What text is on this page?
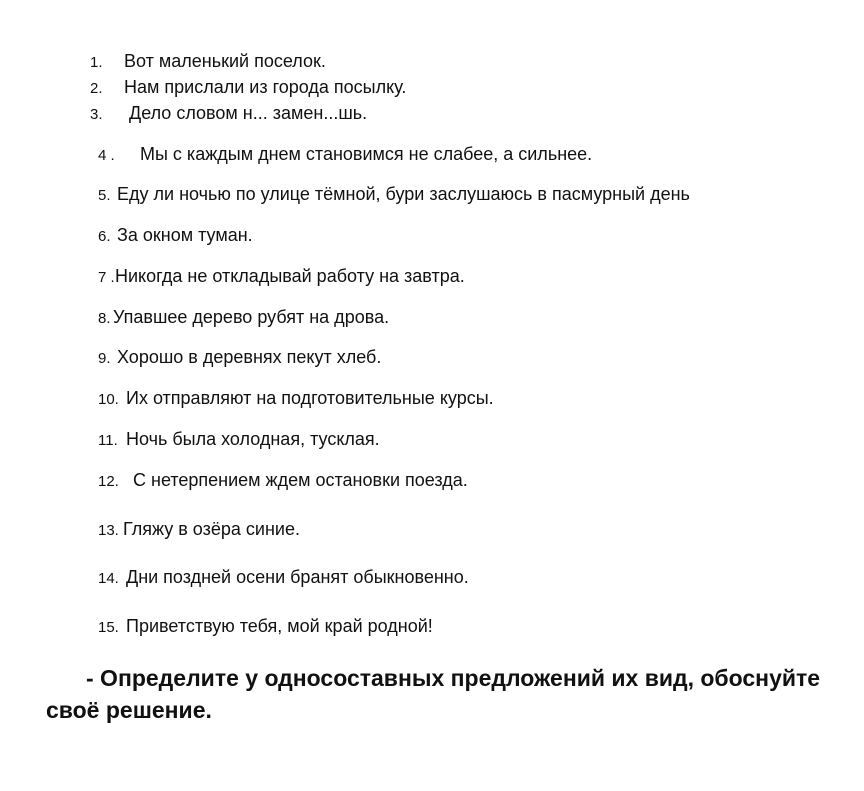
1. Вот маленький поселок.
2. Нам прислали из города посылку.
3. Дело словом н... замен...шь.
4 . Мы с каждым днем становимся не слабее, а сильнее.
5. Еду ли ночью по улице тёмной, бури заслушаюсь в пасмурный день
6. За окном туман.
7 .Никогда не откладывай работу на завтра.
8. Упавшее дерево рубят на дрова.
9. Хорошо в деревнях пекут хлеб.
10. Их отправляют на подготовительные курсы.
11. Ночь была холодная, тусклая.
12. С нетерпением ждем остановки поезда.
13. Гляжу в озёра синие.
14. Дни поздней осени бранят обыкновенно.
15. Приветствую тебя, мой край родной!
- Определите у односоставных предложений их вид, обоснуйте
своё решение.
